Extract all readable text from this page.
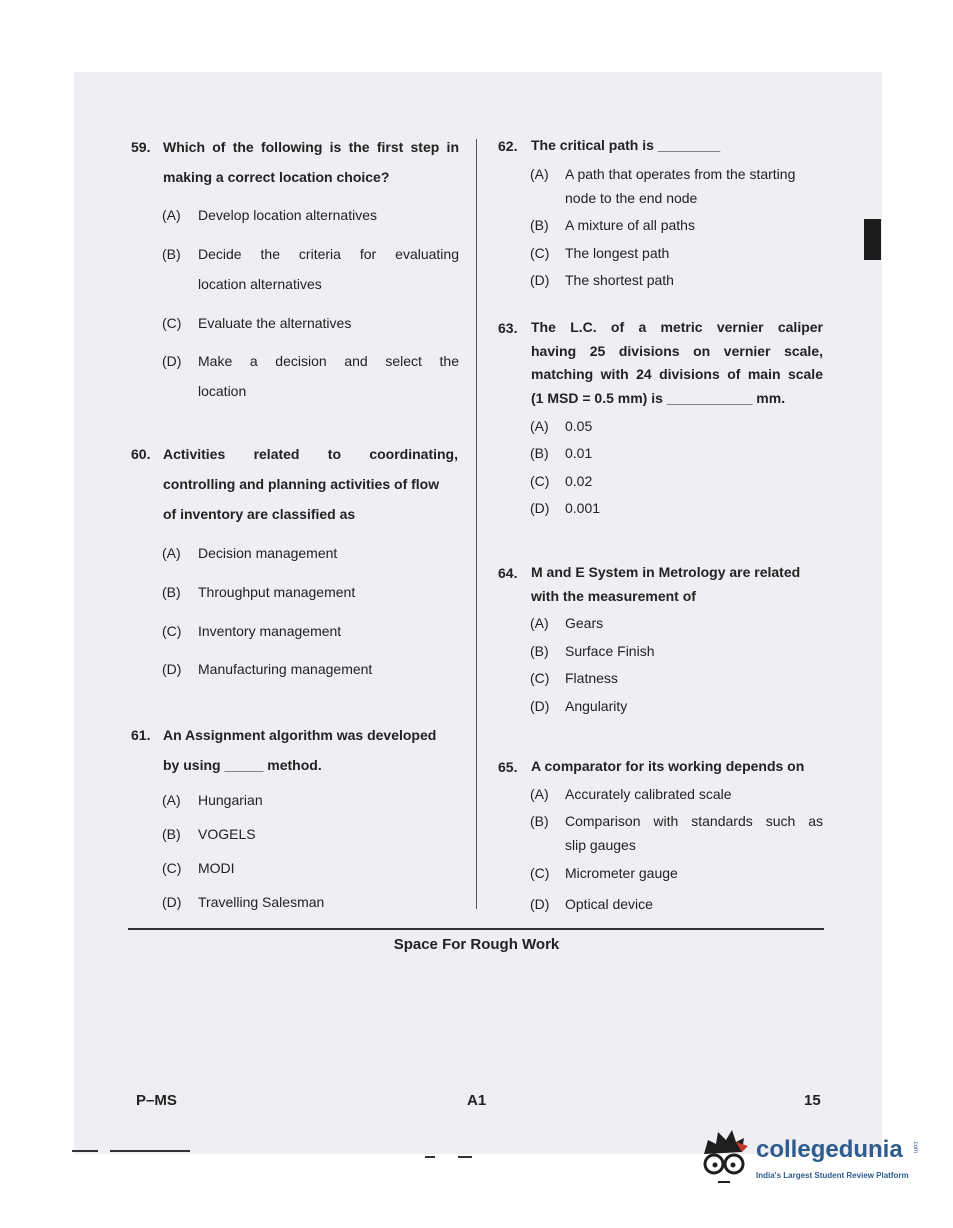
59. Which of the following is the first step in
making a correct location choice?
(A) Develop location alternatives
(B) Decide the criteria for evaluating
location alternatives
(C) Evaluate the alternatives
(D) Make a decision and select the
location
60. Activities related to coordinating,
controlling and planning activities of flow
of inventory are classified as
(A) Decision management
(B) Throughput management
(C) Inventory management
(D) Manufacturing management
61. An Assignment algorithm was developed
by using _____ method.
(A) Hungarian
(B) VOGELS
(C) MODI
(D) Travelling Salesman
62. The critical path is ________
(A) A path that operates from the starting
node to the end node
(B) A mixture of all paths
(C) The longest path
(D) The shortest path
63. The L.C. of a metric vernier caliper
having 25 divisions on vernier scale,
matching with 24 divisions of main scale
(1 MSD = 0.5 mm) is ___________ mm.
(A) 0.05
(B) 0.01
(C) 0.02
(D) 0.001
64. M and E System in Metrology are related
with the measurement of
(A) Gears
(B) Surface Finish
(C) Flatness
(D) Angularity
65. A comparator for its working depends on
(A) Accurately calibrated scale
(B) Comparison with standards such as
slip gauges
(C) Micrometer gauge
(D) Optical device
Space For Rough Work
P–MS	A1	15
collegedunia .com
India's Largest Student Review Platform
